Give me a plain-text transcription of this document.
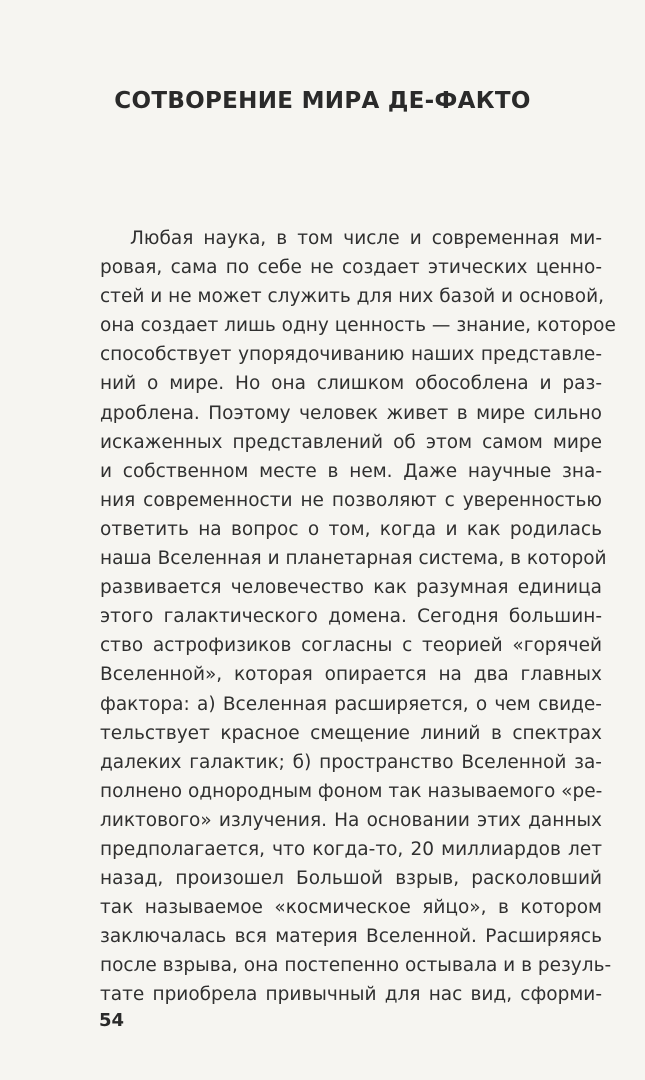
СОТВОРЕНИЕ МИРА ДЕ-ФАКТО
Любая наука, в том числе и современная ми-
ровая, сама по себе не создает этических ценно-
стей и не может служить для них базой и основой,
она создает лишь одну ценность — знание, которое
способствует упорядочиванию наших представле-
ний о мире. Но она слишком обособлена и раз-
дроблена. Поэтому человек живет в мире сильно
искаженных представлений об этом самом мире
и собственном месте в нем. Даже научные зна-
ния современности не позволяют с уверенностью
ответить на вопрос о том, когда и как родилась
наша Вселенная и планетарная система, в которой
развивается человечество как разумная единица
этого галактического домена. Сегодня большин-
ство астрофизиков согласны с теорией «горячей
Вселенной», которая опирается на два главных
фактора: а) Вселенная расширяется, о чем свиде-
тельствует красное смещение линий в спектрах
далеких галактик; б) пространство Вселенной за-
полнено однородным фоном так называемого «ре-
ликтового» излучения. На основании этих данных
предполагается, что когда-то, 20 миллиардов лет
назад, произошел Большой взрыв, расколовший
так называемое «космическое яйцо», в котором
заключалась вся материя Вселенной. Расширяясь
после взрыва, она постепенно остывала и в резуль-
тате приобрела привычный для нас вид, сформи-
54
